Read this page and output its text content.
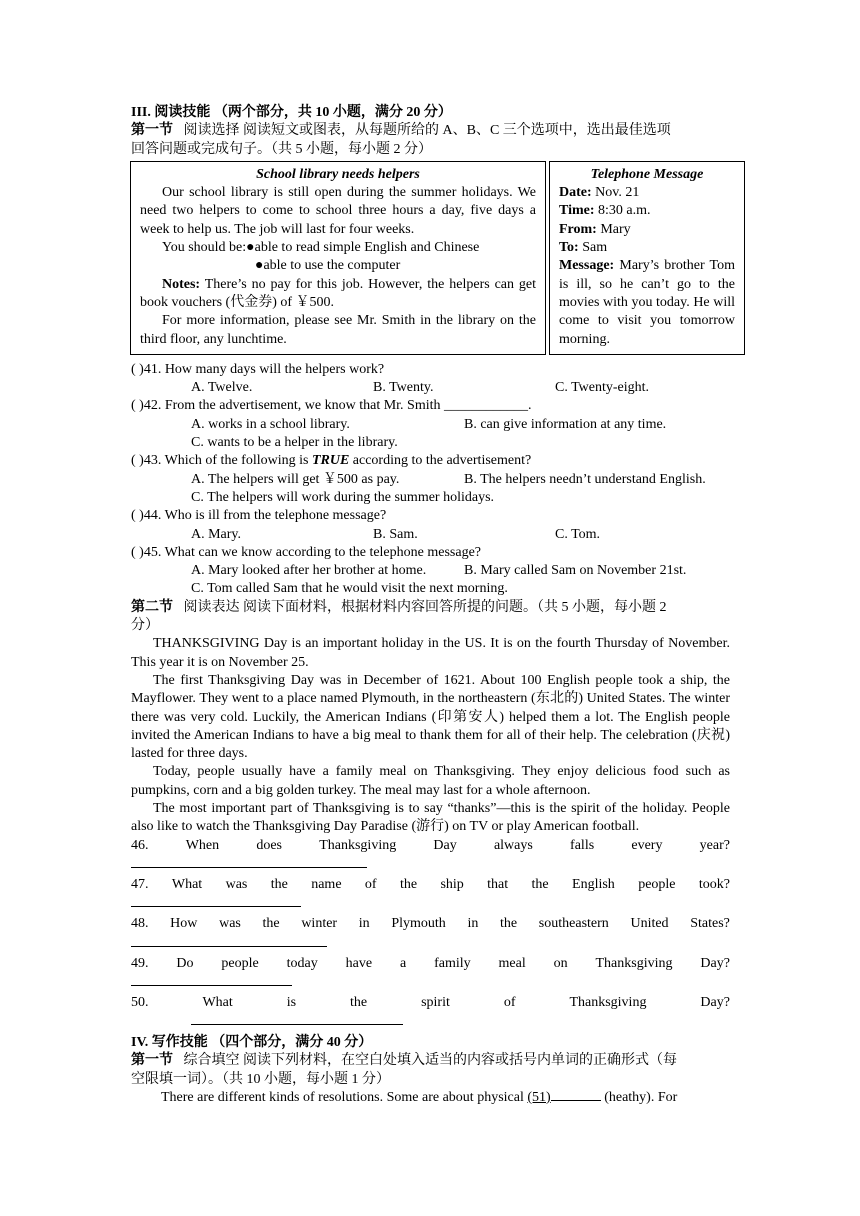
III. 阅读技能 （两个部分，共 10 小题，满分 20 分）
第一节 阅读选择 阅读短文或图表，从每题所给的 A、B、C 三个选项中，选出最佳选项
回答问题或完成句子。（共 5 小题，每小题 2 分）
School library needs helpers

Our school library is still open during the summer holidays. We need two helpers to come to school three hours a day, five days a week to help us. The job will last for four weeks.

You should be:●able to read simple English and Chinese
●able to use the computer

Notes: There’s no pay for this job. However, the helpers can get book vouchers (代金券) of ￥500.

For more information, please see Mr. Smith in the library on the third floor, any lunchtime.

Telephone Message
Date: Nov. 21
Time: 8:30 a.m.
From: Mary
To: Sam

Message: Mary’s brother Tom is ill, so he can’t go to the movies with you today. He will come to visit you tomorrow morning.

( )41. How many days will the helpers work?
A. Twelve.	B. Twenty.	C. Twenty-eight.
( )42. From the advertisement, we know that Mr. Smith ____________.
A. works in a school library.	B. can give information at any time.
C. wants to be a helper in the library.
( )43. Which of the following is TRUE according to the advertisement?
A. The helpers will get ￥500 as pay.	B. The helpers needn’t understand English.
C. The helpers will work during the summer holidays.
( )44. Who is ill from the telephone message?
A. Mary.	B. Sam.	C. Tom.
( )45. What can we know according to the telephone message?
A. Mary looked after her brother at home.	B. Mary called Sam on November 21st.
C. Tom called Sam that he would visit the next morning.
第二节 阅读表达 阅读下面材料，根据材料内容回答所提的问题。（共 5 小题，每小题 2
分）

THANKSGIVING Day is an important holiday in the US. It is on the fourth Thursday of November. This year it is on November 25.

The first Thanksgiving Day was in December of 1621. About 100 English people took a ship, the Mayflower. They went to a place named Plymouth, in the northeastern (东北的) United States. The winter there was very cold. Luckily, the American Indians (印第安人) helped them a lot. The English people invited the American Indians to have a big meal to thank them for all of their help. The celebration (庆祝) lasted for three days.

Today, people usually have a family meal on Thanksgiving. They enjoy delicious food such as pumpkins, corn and a big golden turkey. The meal may last for a whole afternoon.

The most important part of Thanksgiving is to say “thanks”—this is the spirit of the holiday. People also like to watch the Thanksgiving Day Paradise (游行) on TV or play American football.

46.	When	does	Thanksgiving	Day	always	falls	every	year?
47. What was the name of the ship that the English people took?
48. How was the winter in Plymouth in the southeastern United States?
49. Do people today have a family meal on Thanksgiving Day?
50.	What	is	the	spirit	of	Thanksgiving	Day?
IV. 写作技能 （四个部分，满分 40 分）
第一节 综合填空 阅读下列材料，在空白处填入适当的内容或括号内单词的正确形式（每
空限填一词）。（共 10 小题，每小题 1 分）
There are different kinds of resolutions. Some are about physical (51)	(heathy). For
